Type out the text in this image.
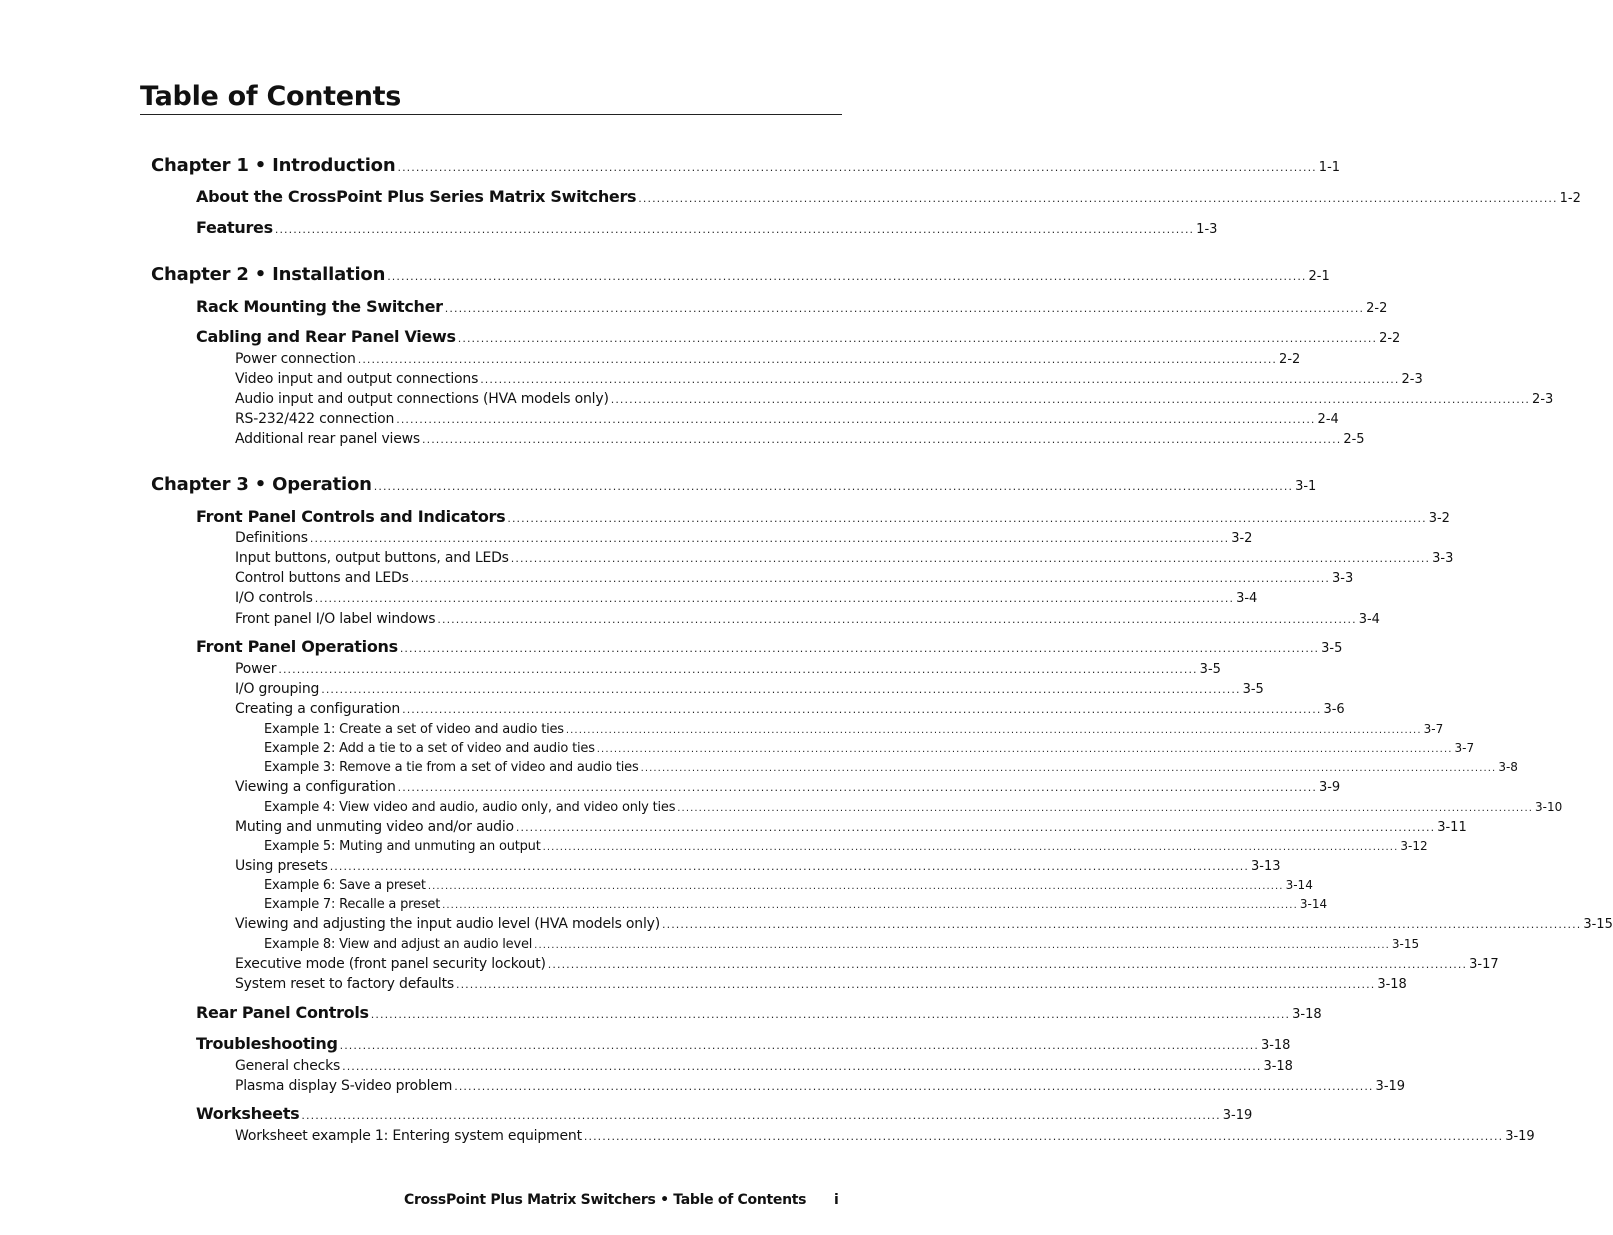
Table of Contents
Chapter 1 • Introduction ........................................................................................................................................................................................................ 1-1
About the CrossPoint Plus Series Matrix Switchers ........................................................................................................................................................................................................ 1-2
Features ........................................................................................................................................................................................................ 1-3
Chapter 2 • Installation ........................................................................................................................................................................................................ 2-1
Rack Mounting the Switcher ........................................................................................................................................................................................................ 2-2
Cabling and Rear Panel Views ........................................................................................................................................................................................................ 2-2
Power connection ........................................................................................................................................................................................................ 2-2
Video input and output connections ........................................................................................................................................................................................................ 2-3
Audio input and output connections (HVA models only) ........................................................................................................................................................................................................ 2-3
RS-232/422 connection ........................................................................................................................................................................................................ 2-4
Additional rear panel views ........................................................................................................................................................................................................ 2-5
Chapter 3 • Operation ........................................................................................................................................................................................................ 3-1
Front Panel Controls and Indicators ........................................................................................................................................................................................................ 3-2
Definitions ........................................................................................................................................................................................................ 3-2
Input buttons, output buttons, and LEDs ........................................................................................................................................................................................................ 3-3
Control buttons and LEDs ........................................................................................................................................................................................................ 3-3
I/O controls ........................................................................................................................................................................................................ 3-4
Front panel I/O label windows ........................................................................................................................................................................................................ 3-4
Front Panel Operations ........................................................................................................................................................................................................ 3-5
Power ........................................................................................................................................................................................................ 3-5
I/O grouping ........................................................................................................................................................................................................ 3-5
Creating a configuration ........................................................................................................................................................................................................ 3-6
Example 1: Create a set of video and audio ties ........................................................................................................................................................................................................ 3-7
Example 2: Add a tie to a set of video and audio ties ........................................................................................................................................................................................................ 3-7
Example 3: Remove a tie from a set of video and audio ties ........................................................................................................................................................................................................ 3-8
Viewing a configuration ........................................................................................................................................................................................................ 3-9
Example 4: View video and audio, audio only, and video only ties ........................................................................................................................................................................................................ 3-10
Muting and unmuting video and/or audio ........................................................................................................................................................................................................ 3-11
Example 5: Muting and unmuting an output ........................................................................................................................................................................................................ 3-12
Using presets ........................................................................................................................................................................................................ 3-13
Example 6: Save a preset ........................................................................................................................................................................................................ 3-14
Example 7: Recalle a preset ........................................................................................................................................................................................................ 3-14
Viewing and adjusting the input audio level (HVA models only) ........................................................................................................................................................................................................ 3-15
Example 8: View and adjust an audio level ........................................................................................................................................................................................................ 3-15
Executive mode (front panel security lockout) ........................................................................................................................................................................................................ 3-17
System reset to factory defaults ........................................................................................................................................................................................................ 3-18
Rear Panel Controls ........................................................................................................................................................................................................ 3-18
Troubleshooting ........................................................................................................................................................................................................ 3-18
General checks ........................................................................................................................................................................................................ 3-18
Plasma display S-video problem ........................................................................................................................................................................................................ 3-19
Worksheets ........................................................................................................................................................................................................ 3-19
Worksheet example 1: Entering system equipment ........................................................................................................................................................................................................ 3-19
CrossPoint Plus Matrix Switchers • Table of Contents i
